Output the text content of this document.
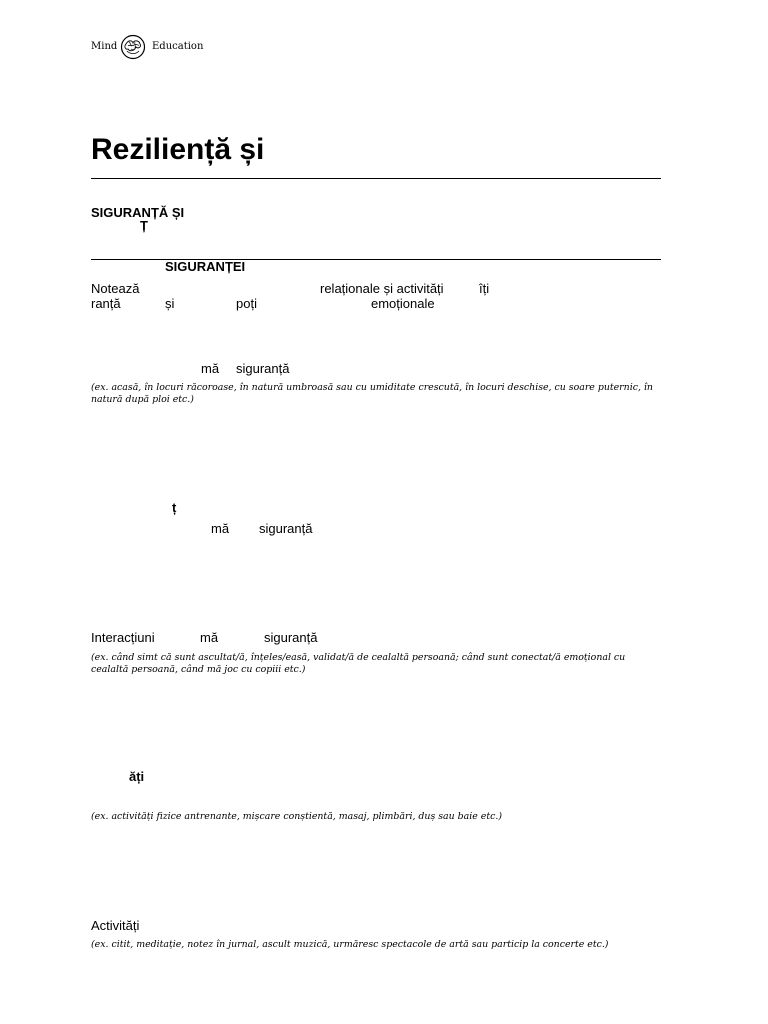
Mind	Education
Reziliență și
SIGURANȚĂ ȘI
Ț
SIGURANȚEI
Notează	relaționale și activități	îți
ranță	și	poți	emoționale
mă siguranță
(ex. acasă, în locuri răcoroase, în natură umbroasă sau cu umiditate crescută, în locuri deschise, cu soare puternic, în natură după ploi etc.)
ț
mă siguranță
Interacțiuni	mă	siguranță
(ex. când simt că sunt ascultat/ă, înțeles/easă, validat/ă de cealaltă persoană; când sunt conectat/ă emoțional cu cealaltă persoană, când mă joc cu copiii etc.)
ăți
(ex. activități fizice antrenante, mișcare conștientă, masaj, plimbări, duș sau baie etc.)
Activități
(ex. citit, meditație, notez în jurnal, ascult muzică, urmăresc spectacole de artă sau particip la concerte etc.)
